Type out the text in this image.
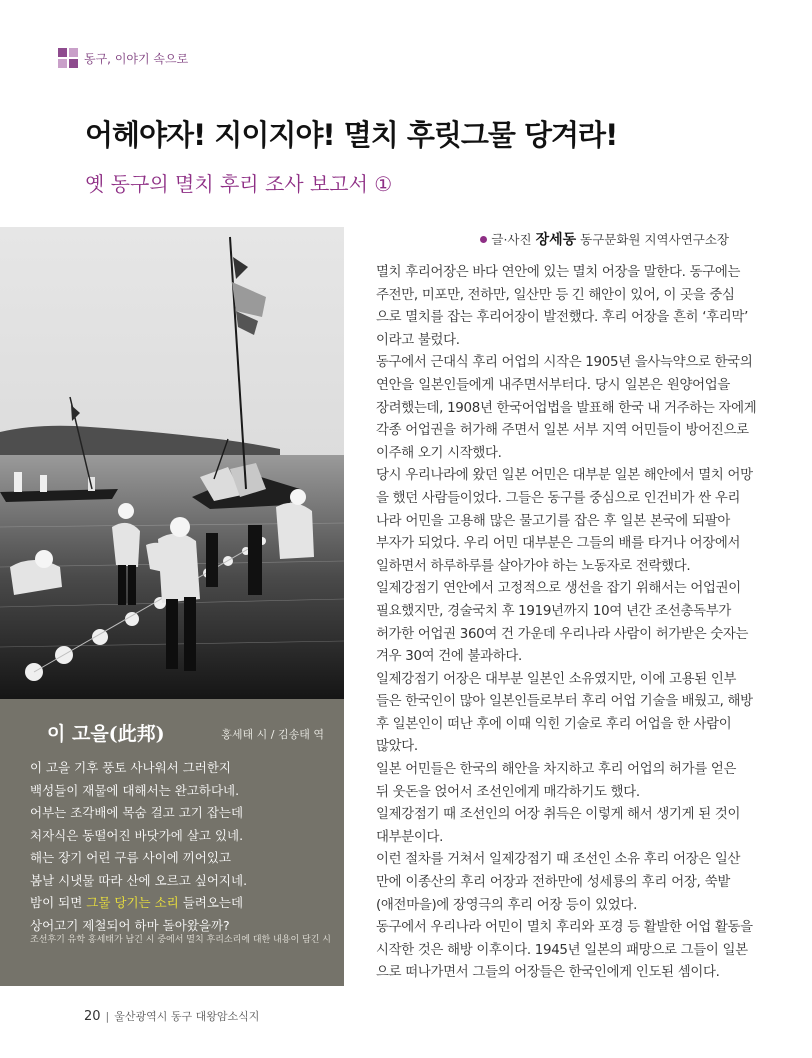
동구, 이야기 속으로
어헤야자! 지이지야! 멸치 후릿그물 당겨라!
옛 동구의 멸치 후리 조사 보고서 ①
글·사진 장세동 동구문화원 지역사연구소장
이 고을(此邦)	홍세태 시 / 김송태 역
이 고을 기후 풍토 사나워서 그러한지
백성들이 재물에 대해서는 완고하다네.
어부는 조각배에 목숨 걸고 고기 잡는데
처자식은 동떨어진 바닷가에 살고 있네.
해는 장기 어린 구름 사이에 끼어있고
봄날 시냇물 따라 산에 오르고 싶어지네.
밤이 되면 그물 당기는 소리 들려오는데
상어고기 제철되어 하마 돌아왔을까?
조선후기 유학 홍세태가 남긴 시 중에서 멸치 후리소리에 대한 내용이 담긴 시

멸치 후리어장은 바다 연안에 있는 멸치 어장을 말한다. 동구에는
주전만, 미포만, 전하만, 일산만 등 긴 해안이 있어, 이 곳을 중심
으로 멸치를 잡는 후리어장이 발전했다. 후리 어장을 흔히 ‘후리막’
이라고 불렀다.

동구에서 근대식 후리 어업의 시작은 1905년 을사늑약으로 한국의
연안을 일본인들에게 내주면서부터다. 당시 일본은 원양어업을
장려했는데, 1908년 한국어업법을 발표해 한국 내 거주하는 자에게
각종 어업권을 허가해 주면서 일본 서부 지역 어민들이 방어진으로
이주해 오기 시작했다.

당시 우리나라에 왔던 일본 어민은 대부분 일본 해안에서 멸치 어망
을 했던 사람들이었다. 그들은 동구를 중심으로 인건비가 싼 우리
나라 어민을 고용해 많은 물고기를 잡은 후 일본 본국에 되팔아
부자가 되었다. 우리 어민 대부분은 그들의 배를 타거나 어장에서
일하면서 하루하루를 살아가야 하는 노동자로 전락했다.

일제강점기 연안에서 고정적으로 생선을 잡기 위해서는 어업권이
필요했지만, 경술국치 후 1919년까지 10여 년간 조선총독부가
허가한 어업권 360여 건 가운데 우리나라 사람이 허가받은 숫자는
겨우 30여 건에 불과하다.

일제강점기 어장은 대부분 일본인 소유였지만, 이에 고용된 인부
들은 한국인이 많아 일본인들로부터 후리 어업 기술을 배웠고, 해방
후 일본인이 떠난 후에 이때 익힌 기술로 후리 어업을 한 사람이
많았다.

일본 어민들은 한국의 해안을 차지하고 후리 어업의 허가를 얻은
뒤 웃돈을 얹어서 조선인에게 매각하기도 했다.

일제강점기 때 조선인의 어장 취득은 이렇게 해서 생기게 된 것이
대부분이다.

이런 절차를 거쳐서 일제강점기 때 조선인 소유 후리 어장은 일산
만에 이종산의 후리 어장과 전하만에 성세룡의 후리 어장, 쑥밭
(애전마을)에 장영극의 후리 어장 등이 있었다.

동구에서 우리나라 어민이 멸치 후리와 포경 등 활발한 어업 활동을
시작한 것은 해방 이후이다. 1945년 일본의 패망으로 그들이 일본
으로 떠나가면서 그들의 어장들은 한국인에게 인도된 셈이다.

20 | 울산광역시 동구 대왕암소식지
